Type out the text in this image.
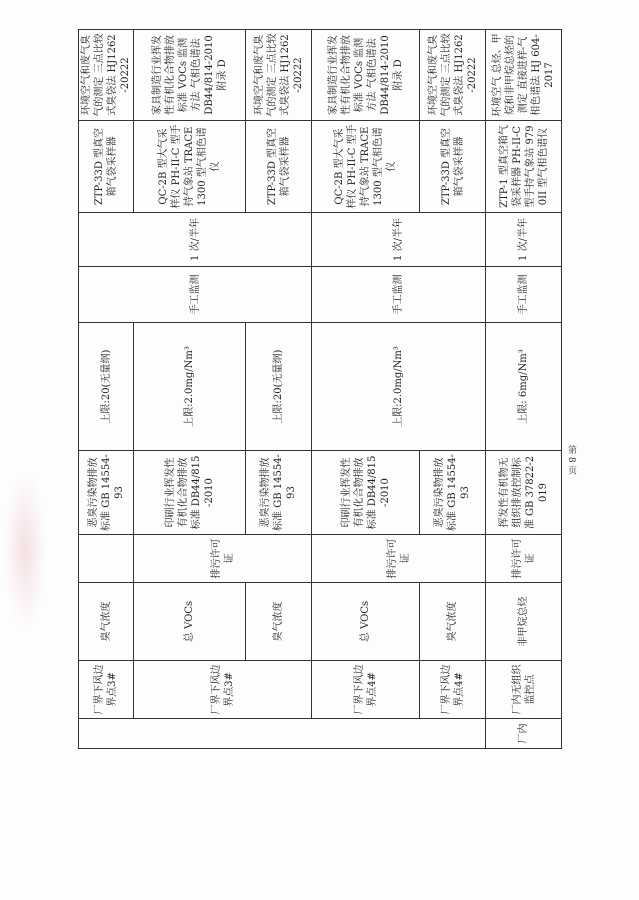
	厂界下风边界点3#	臭气浓度		恶臭污染物排放标准 GB 14554-93	上限:20(无量纲)	手工监测	1 次/半年	ZTP-33D 型真空箱气袋采样器	环境空气和废气臭气的测定 三点比较式臭袋法 HJ1262-20222
	厂界下风边界点3#	总 VOCs	排污许可证	印刷行业挥发性有机化合物排放标准 DB44/815-2010	上限:2.0mg/Nm³			QC-2B 型大气采样仪 PH-II-C 型手持气象站 TRACE1300 型气相色谱仪	家具制造行业挥发性有机化合物排放标准 VOCs 监测方法 气相色谱法 DB44/814-2010 附录 D
		臭气浓度		恶臭污染物排放标准 GB 14554-93	上限:20(无量纲)			ZTP-33D 型真空箱气袋采样器	环境空气和废气臭气的测定 三点比较式臭袋法 HJ1262-20222
	厂界下风边界点4#	总 VOCs	排污许可证	印刷行业挥发性有机化合物排放标准 DB44/815-2010	上限:2.0mg/Nm³	手工监测	1 次/半年	QC-2B 型大气采样仪 PH-II-C 型手持气象站 TRACE1300 型气相色谱仪	家具制造行业挥发性有机化合物排放标准 VOCs 监测方法 气相色谱法 DB44/814-2010 附录 D
	厂界下风边界点4#	臭气浓度		恶臭污染物排放标准 GB 14554-93				ZTP-33D 型真空箱气袋采样器	环境空气和废气臭气的测定 三点比较式臭袋法 HJ1262-20222
厂内	厂内无组织监控点	非甲烷总烃	排污许可证	挥发性有机物无组织排放控制标准 GB 37822-2019	上限: 6mg/Nm³	手工监测	1 次/半年	ZTP-1 型真空箱气袋采样器 PH-II-C 型手持气象站 9790II 型气相色谱仪	环境空气 总烃、甲烷和非甲烷总烃的测定 直接进样-气相色谱法 HJ 604-2017
第 8 页
